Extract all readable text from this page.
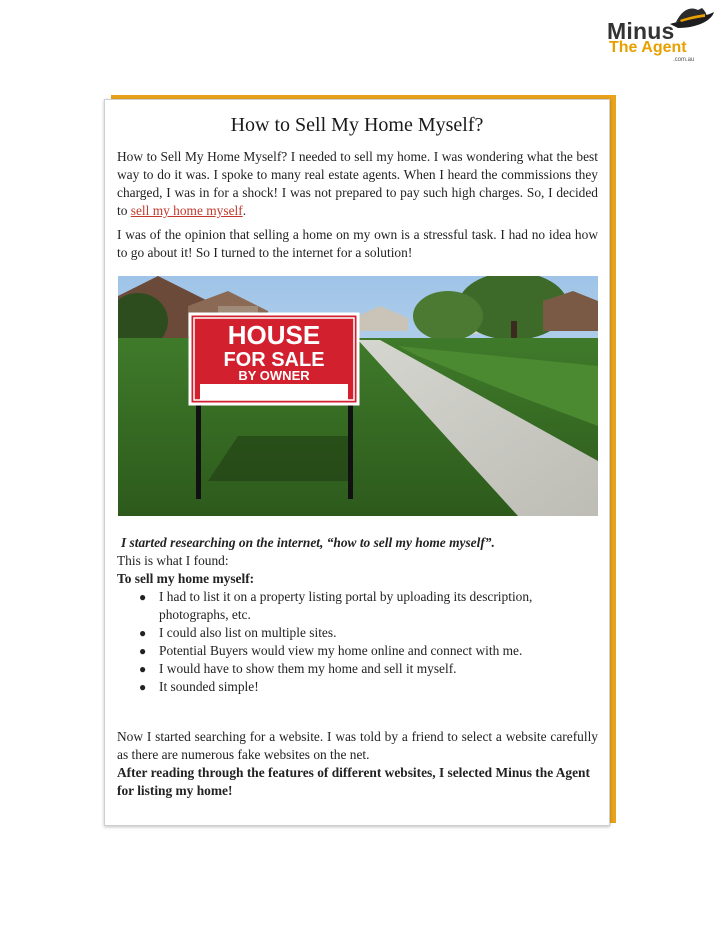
Minus
The Agent
.com.au
How to Sell My Home Myself?
How to Sell My Home Myself? I needed to sell my home. I was wondering what the best way to do it was. I spoke to many real estate agents. When I heard the commissions they charged, I was in for a shock! I was not prepared to pay such high charges. So, I decided to sell my home myself.
I was of the opinion that selling a home on my own is a stressful task. I had no idea how to go about it! So I turned to the internet for a solution!
HOUSE
FOR SALE
BY OWNER
I started researching on the internet, “how to sell my home myself”.
This is what I found:
To sell my home myself:
● I had to list it on a property listing portal by uploading its description, photographs, etc.
● I could also list on multiple sites.
● Potential Buyers would view my home online and connect with me.
● I would have to show them my home and sell it myself.
● It sounded simple!
Now I started searching for a website. I was told by a friend to select a website carefully as there are numerous fake websites on the net.
After reading through the features of different websites, I selected Minus the Agent for listing my home!
